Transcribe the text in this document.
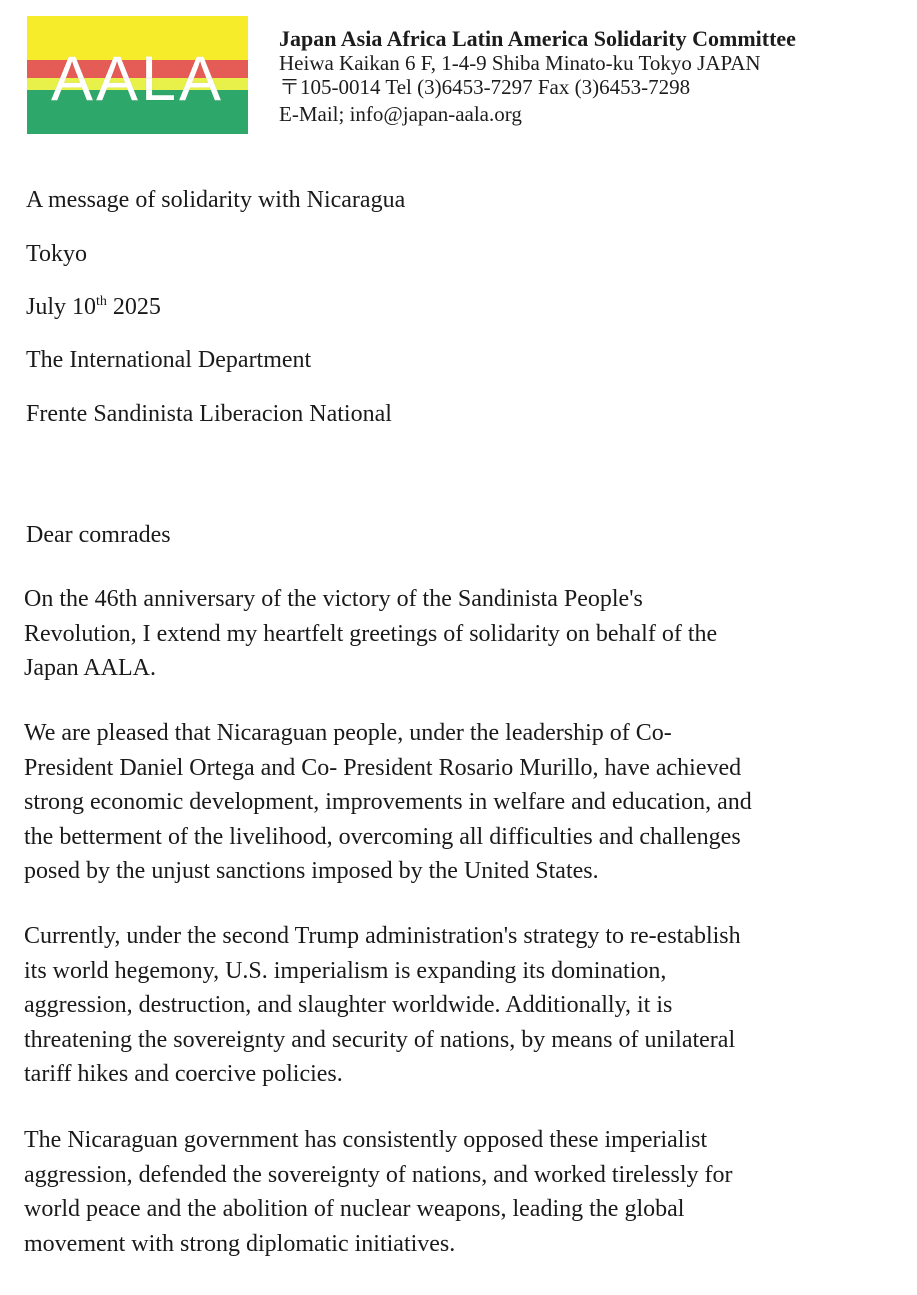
AALA
Japan Asia Africa Latin America Solidarity Committee
Heiwa Kaikan 6 F, 1-4-9 Shiba Minato-ku Tokyo JAPAN
〒105-0014 Tel (3)6453-7297 Fax (3)6453-7298
E-Mail; info@japan-aala.org
A message of solidarity with Nicaragua
Tokyo
July 10th 2025
The International Department
Frente Sandinista Liberacion National
Dear comrades
On the 46th anniversary of the victory of the Sandinista People's
Revolution, I extend my heartfelt greetings of solidarity on behalf of the
Japan AALA.
We are pleased that Nicaraguan people, under the leadership of Co-
President Daniel Ortega and Co- President Rosario Murillo, have achieved
strong economic development, improvements in welfare and education, and
the betterment of the livelihood, overcoming all difficulties and challenges
posed by the unjust sanctions imposed by the United States.
Currently, under the second Trump administration's strategy to re-establish
its world hegemony, U.S. imperialism is expanding its domination,
aggression, destruction, and slaughter worldwide. Additionally, it is
threatening the sovereignty and security of nations, by means of unilateral
tariff hikes and coercive policies.
The Nicaraguan government has consistently opposed these imperialist
aggression, defended the sovereignty of nations, and worked tirelessly for
world peace and the abolition of nuclear weapons, leading the global
movement with strong diplomatic initiatives.
